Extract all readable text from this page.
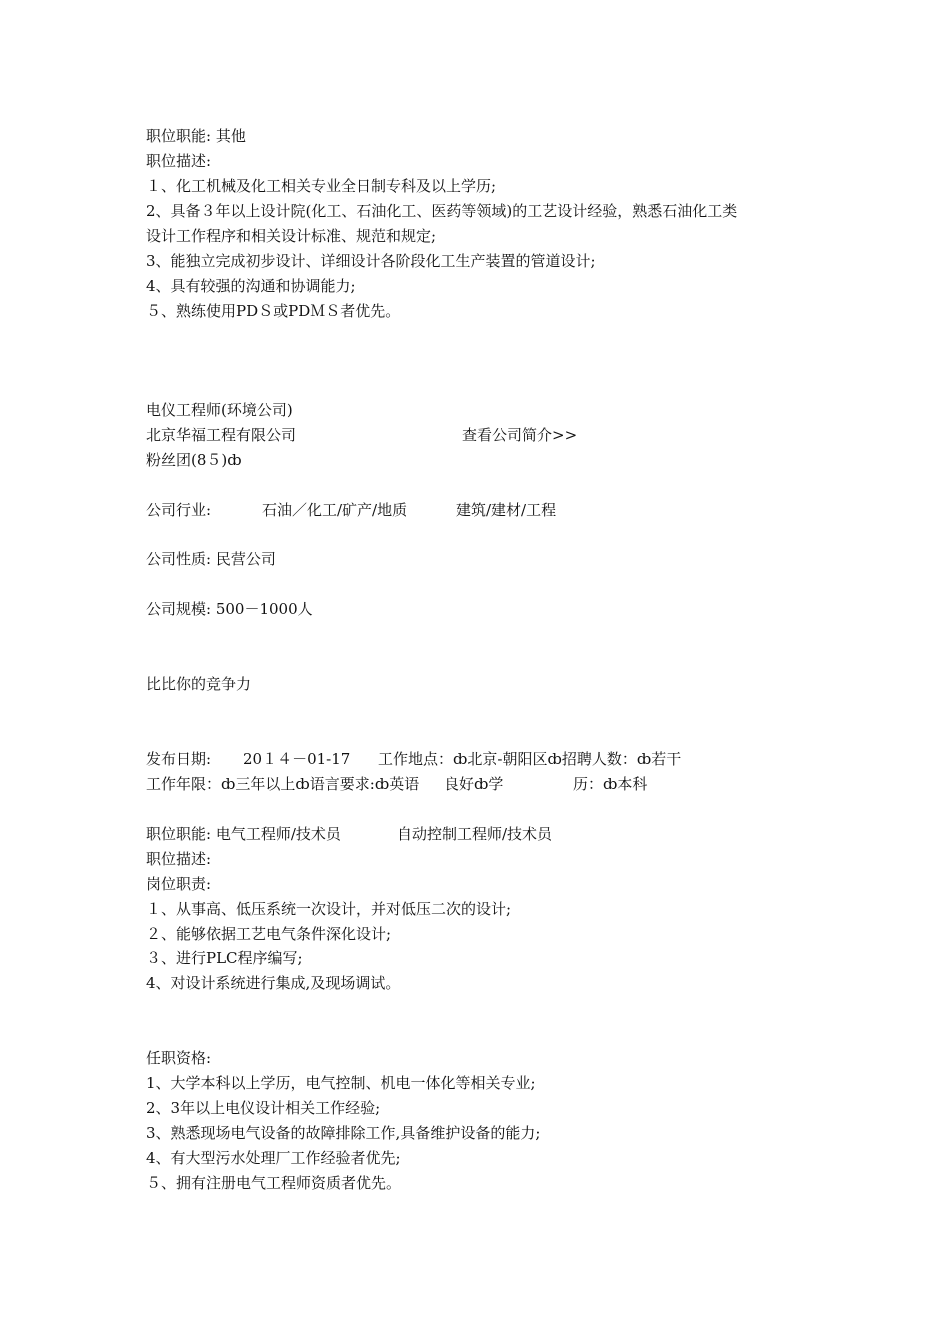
职位职能: 其他
职位描述:
１、化工机械及化工相关专业全日制专科及以上学历;
2、具备３年以上设计院(化工、石油化工、医药等领域)的工艺设计经验，熟悉石油化工类
设计工作程序和相关设计标准、规范和规定;
3、能独立完成初步设计、详细设计各阶段化工生产装置的管道设计;
4、具有较强的沟通和协调能力;
５、熟练使用PDＳ或PDＭＳ者优先。
电仪工程师(环境公司)
北京华福工程有限公司	查看公司简介>>
粉丝团(8５)ȸ
公司行业:	石油／化工/矿产/地质	建筑/建材/工程
公司性质: 民营公司
公司规模: 500－1000人
比比你的竞争力
发布日期: 20１４－01-17 工作地点：ȸ北京-朝阳区ȸ招聘人数：ȸ若干
工作年限：ȸ三年以上ȸ语言要求:ȸ英语 良好ȸ学	历：ȸ本科
职位职能: 电气工程师/技术员	自动控制工程师/技术员
职位描述:
岗位职责:
１、从事高、低压系统一次设计，并对低压二次的设计;
２、能够依据工艺电气条件深化设计;
３、进行PLC程序编写;
4、对设计系统进行集成,及现场调试。
任职资格:
1、大学本科以上学历，电气控制、机电一体化等相关专业;
2、3年以上电仪设计相关工作经验;
3、熟悉现场电气设备的故障排除工作,具备维护设备的能力;
4、有大型污水处理厂工作经验者优先;
５、拥有注册电气工程师资质者优先。
